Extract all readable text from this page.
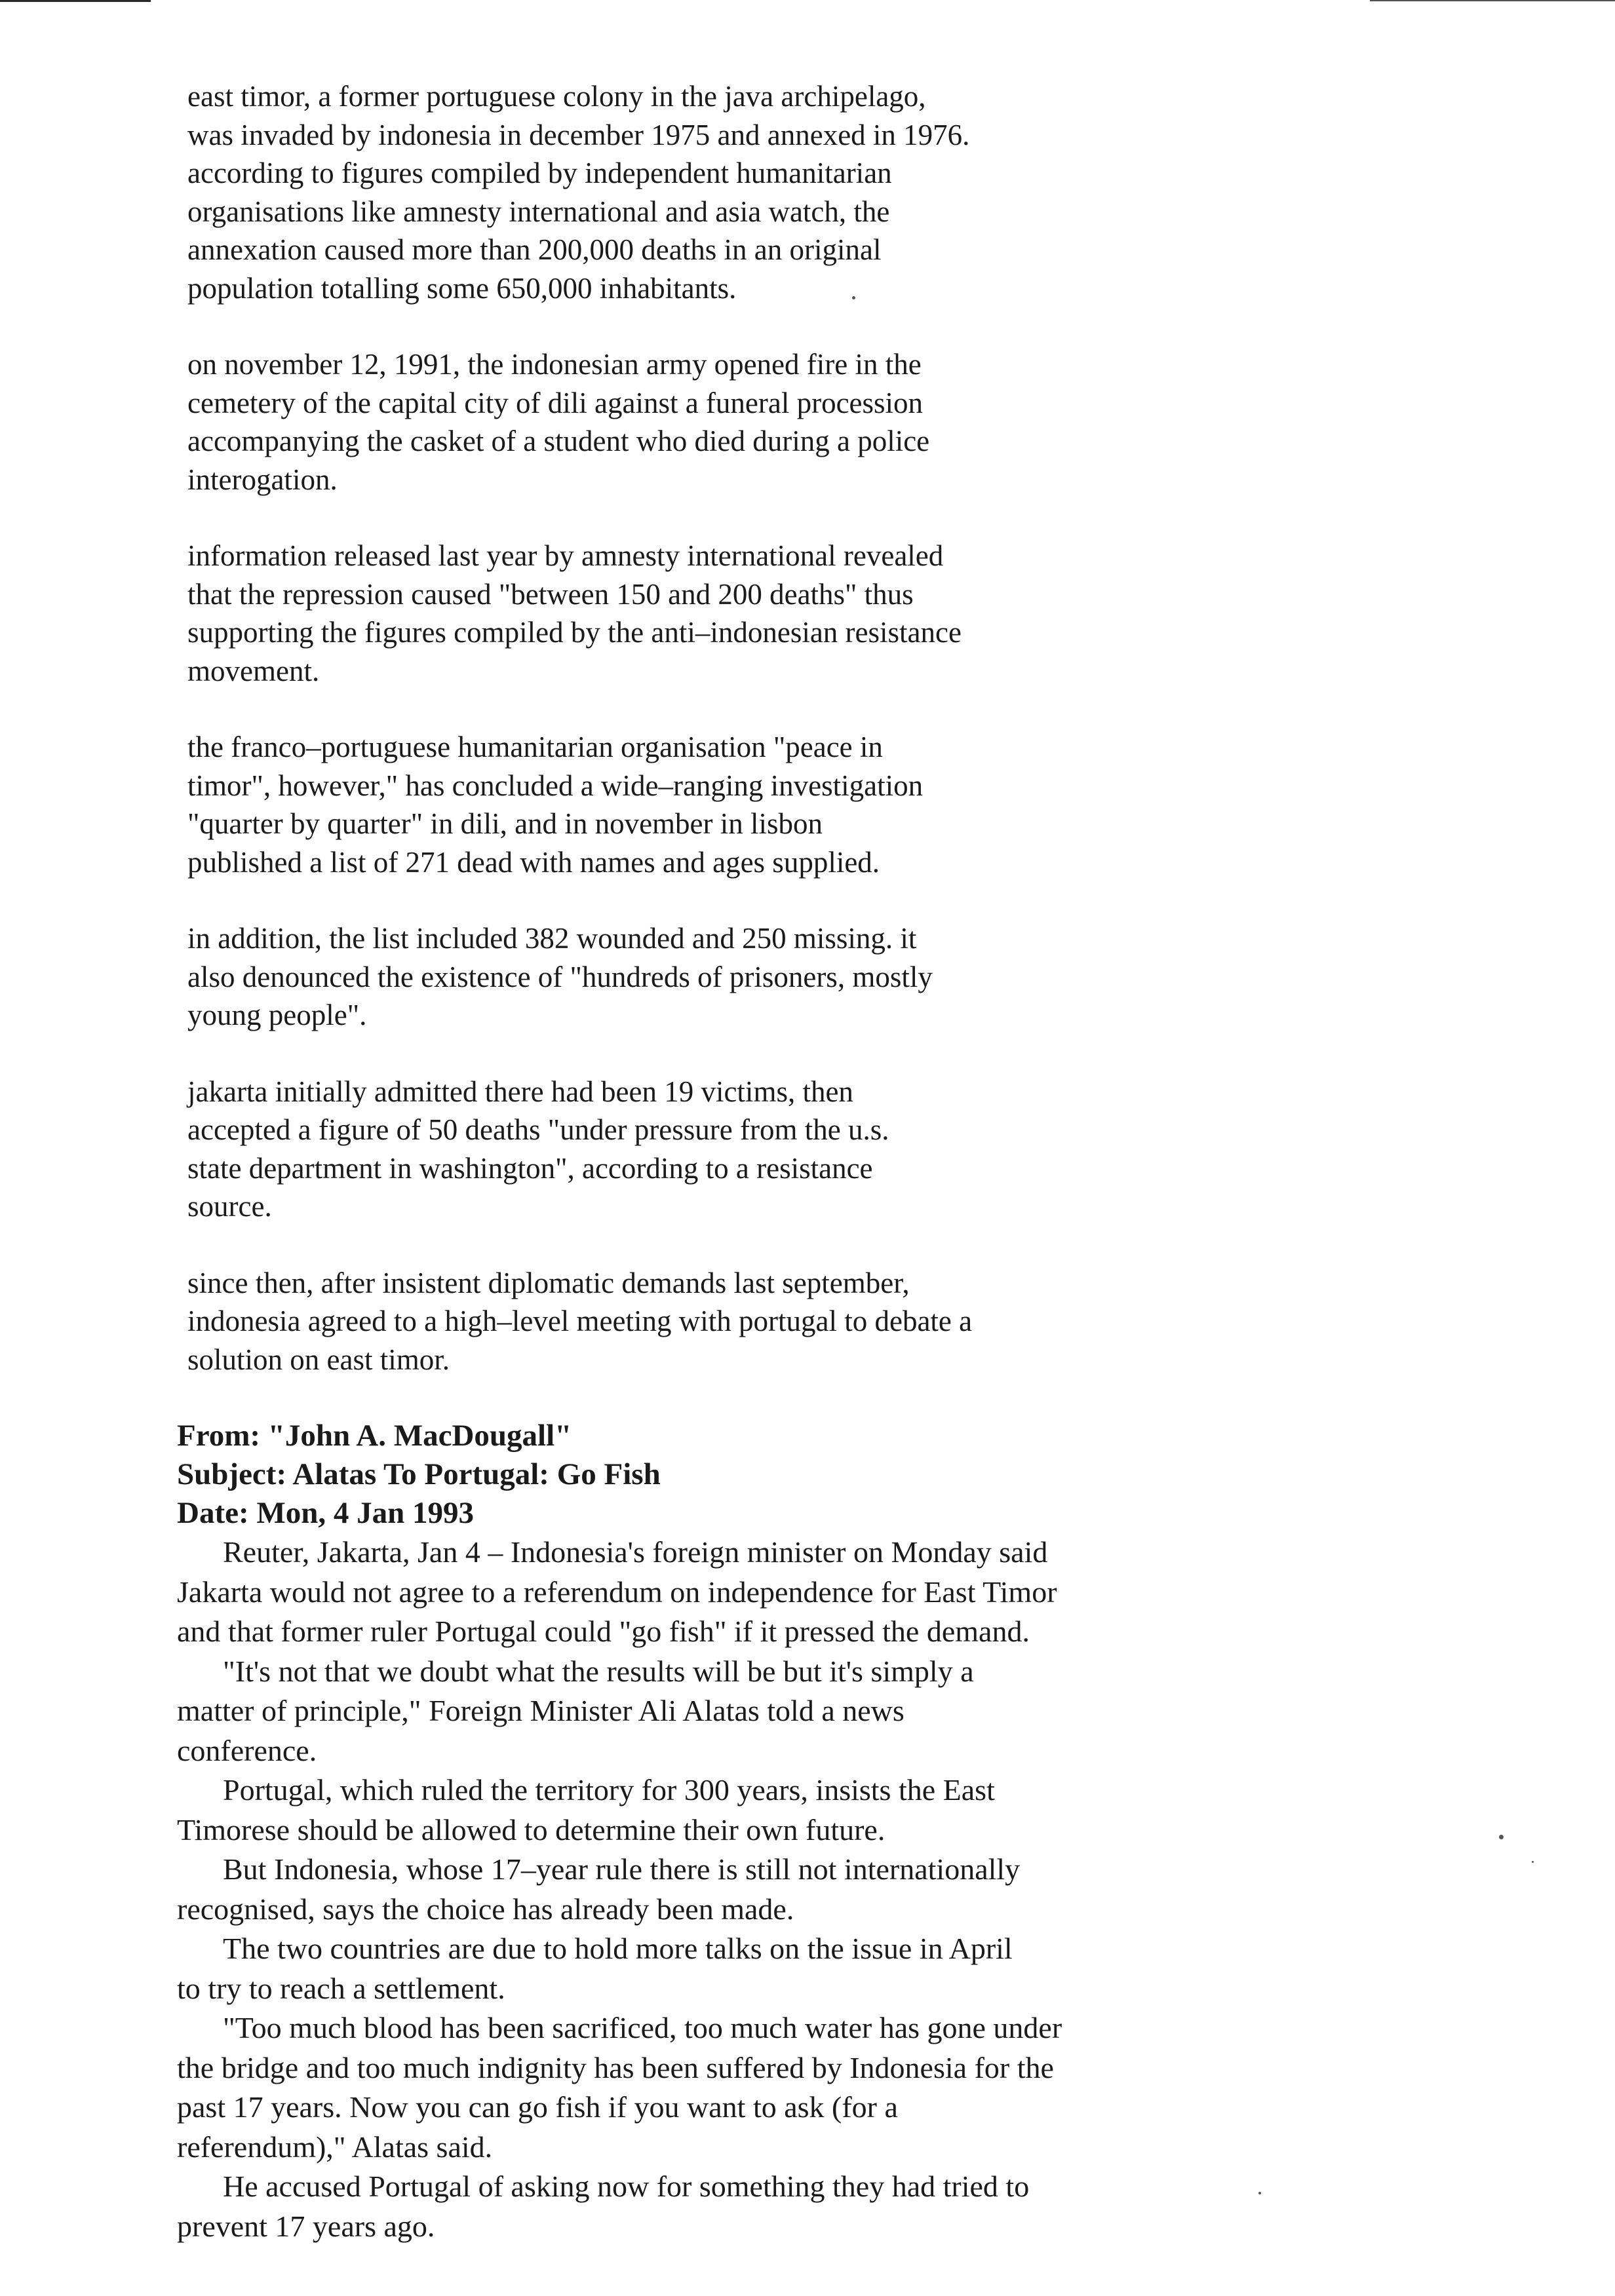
east timor, a former portuguese colony in the java archipelago,
was invaded by indonesia in december 1975 and annexed in 1976.
according to figures compiled by independent humanitarian
organisations like amnesty international and asia watch, the
annexation caused more than 200,000 deaths in an original
population totalling some 650,000 inhabitants.
on november 12, 1991, the indonesian army opened fire in the
cemetery of the capital city of dili against a funeral procession
accompanying the casket of a student who died during a police
interogation.
information released last year by amnesty international revealed
that the repression caused "between 150 and 200 deaths" thus
supporting the figures compiled by the anti–indonesian resistance
movement.
the franco–portuguese humanitarian organisation "peace in
timor", however," has concluded a wide–ranging investigation
"quarter by quarter" in dili, and in november in lisbon
published a list of 271 dead with names and ages supplied.
in addition, the list included 382 wounded and 250 missing. it
also denounced the existence of "hundreds of prisoners, mostly
young people".
jakarta initially admitted there had been 19 victims, then
accepted a figure of 50 deaths "under pressure from the u.s.
state department in washington", according to a resistance
source.
since then, after insistent diplomatic demands last september,
indonesia agreed to a high–level meeting with portugal to debate a
solution on east timor.
From: "John A. MacDougall"
Subject: Alatas To Portugal: Go Fish
Date: Mon, 4 Jan 1993
Reuter, Jakarta, Jan 4 – Indonesia's foreign minister on Monday said
Jakarta would not agree to a referendum on independence for East Timor
and that former ruler Portugal could "go fish" if it pressed the demand.
"It's not that we doubt what the results will be but it's simply a
matter of principle," Foreign Minister Ali Alatas told a news
conference.
Portugal, which ruled the territory for 300 years, insists the East
Timorese should be allowed to determine their own future.
But Indonesia, whose 17–year rule there is still not internationally
recognised, says the choice has already been made.
The two countries are due to hold more talks on the issue in April
to try to reach a settlement.
"Too much blood has been sacrificed, too much water has gone under
the bridge and too much indignity has been suffered by Indonesia for the
past 17 years. Now you can go fish if you want to ask (for a
referendum)," Alatas said.
He accused Portugal of asking now for something they had tried to
prevent 17 years ago.
